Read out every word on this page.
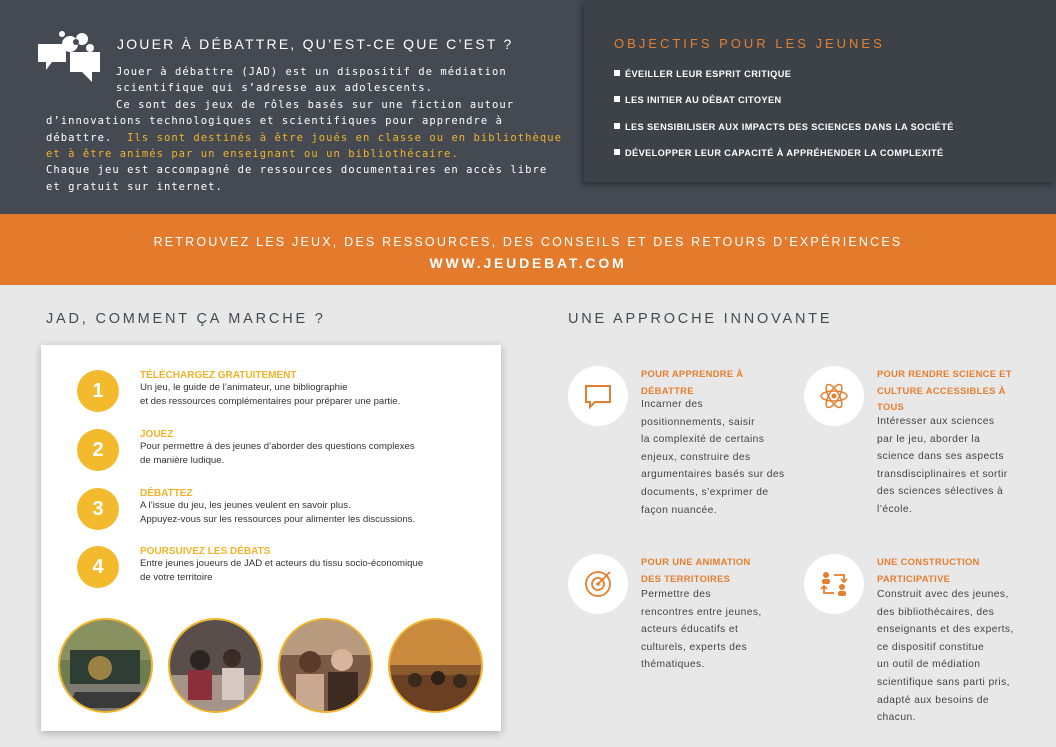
JOUER À DÉBATTRE, QU’EST-CE QUE C’EST ?
Jouer à débattre (JAD) est un dispositif de médiation
scientifique qui s’adresse aux adolescents.
Ce sont des jeux de rôles basés sur une fiction autour
d’innovations technologiques et scientifiques pour apprendre à
débattre. Ils sont destinés à être joués en classe ou en bibliothèque
et à être animés par un enseignant ou un bibliothécaire.
Chaque jeu est accompagné de ressources documentaires en accès libre
et gratuit sur internet.
OBJECTIFS POUR LES JEUNES
ÉVEILLER LEUR ESPRIT CRITIQUE
LES INITIER AU DÉBAT CITOYEN
LES SENSIBILISER AUX IMPACTS DES SCIENCES DANS LA SOCIÉTÉ
DÉVELOPPER LEUR CAPACITÉ À APPRÉHENDER LA COMPLEXITÉ
RETROUVEZ LES JEUX, DES RESSOURCES, DES CONSEILS ET DES RETOURS D’EXPÉRIENCES
WWW.JEUDEBAT.COM
JAD, COMMENT ÇA MARCHE ?	UNE APPROCHE INNOVANTE
1
TÉLÉCHARGEZ GRATUITEMENT
Un jeu, le guide de l’animateur, une bibliographie
et des ressources complémentaires pour préparer une partie.
2
JOUEZ
Pour permettre à des jeunes d’aborder des questions complexes
de manière ludique.
3
DÉBATTEZ
A l’issue du jeu, les jeunes veulent en savoir plus.
Appuyez-vous sur les ressources pour alimenter les discussions.
4
POURSUIVEZ LES DÉBATS
Entre jeunes joueurs de JAD et acteurs du tissu socio-économique
de votre territoire
POUR APPRENDRE À
DÉBATTRE
Incarner des
positionnements, saisir
la complexité de certains
enjeux, construire des
argumentaires basés sur des
documents, s’exprimer de
façon nuancée.
POUR RENDRE SCIENCE ET
CULTURE ACCESSIBLES À
TOUS
Intéresser aux sciences
par le jeu, aborder la
science dans ses aspects
transdisciplinaires et sortir
des sciences sélectives à
l’école.
POUR UNE ANIMATION
DES TERRITOIRES
Permettre des
rencontres entre jeunes,
acteurs éducatifs et
culturels, experts des
thématiques.
UNE CONSTRUCTION
PARTICIPATIVE
Construit avec des jeunes,
des bibliothécaires, des
enseignants et des experts,
ce dispositif constitue
un outil de médiation
scientifique sans parti pris,
adapté aux besoins de
chacun.
